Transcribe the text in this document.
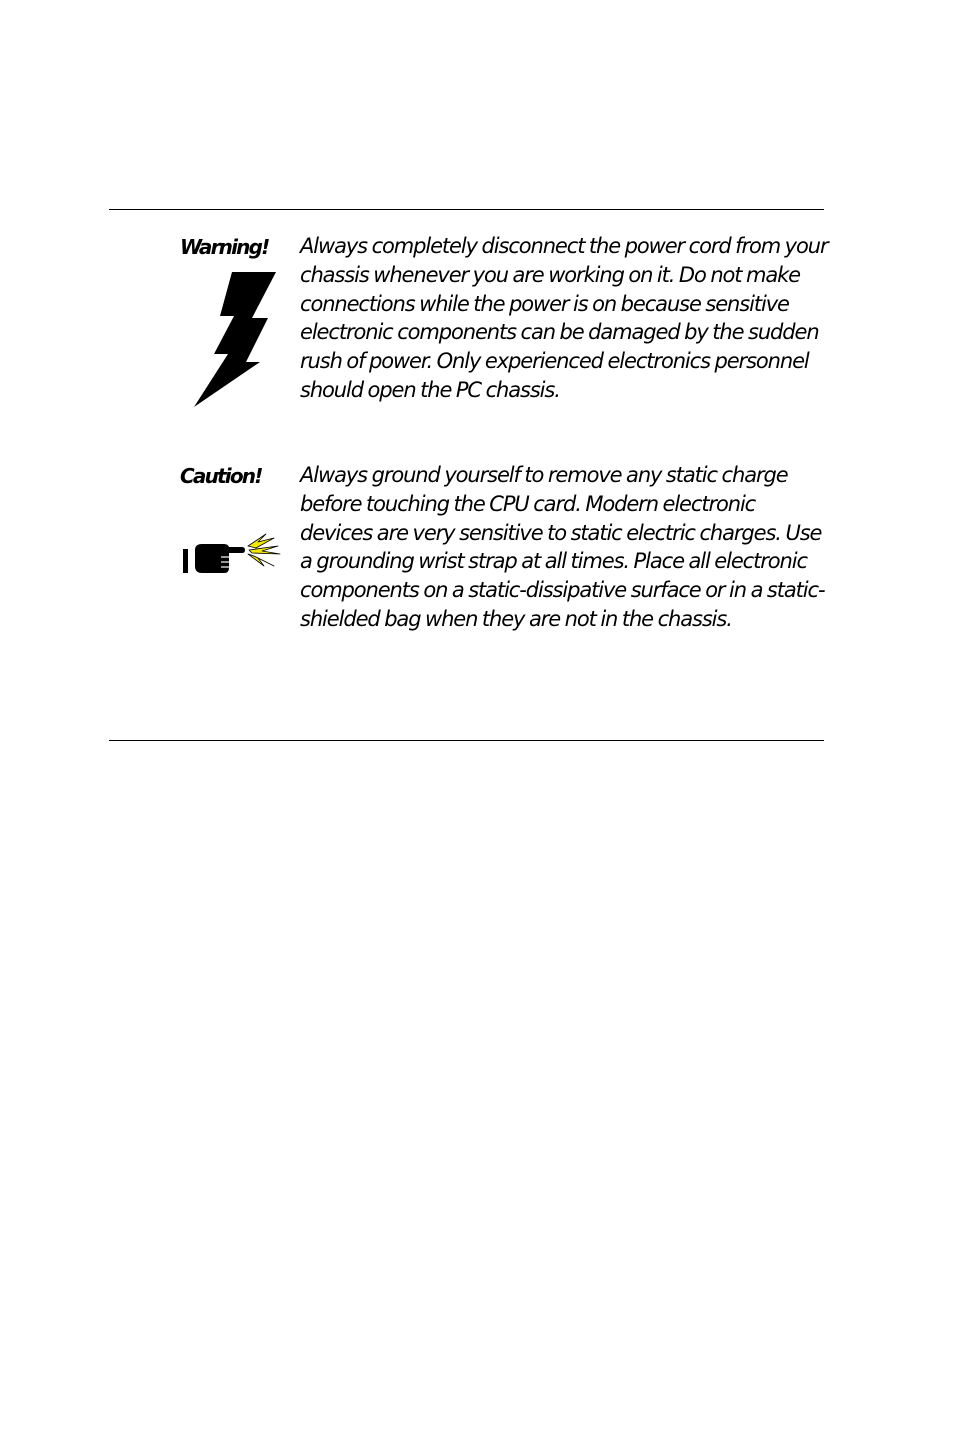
Warning! Always completely disconnect the power cord from your chassis whenever you are working on it. Do not make connections while the power is on because sensitive electronic components can be damaged by the sudden rush of power. Only experienced electronics personnel should open the PC chassis.

Caution! Always ground yourself to remove any static charge before touching the CPU card. Modern electronic devices are very sensitive to static electric charges. Use a grounding wrist strap at all times. Place all electronic components on a static-dissipative surface or in a static-shielded bag when they are not in the chassis.
